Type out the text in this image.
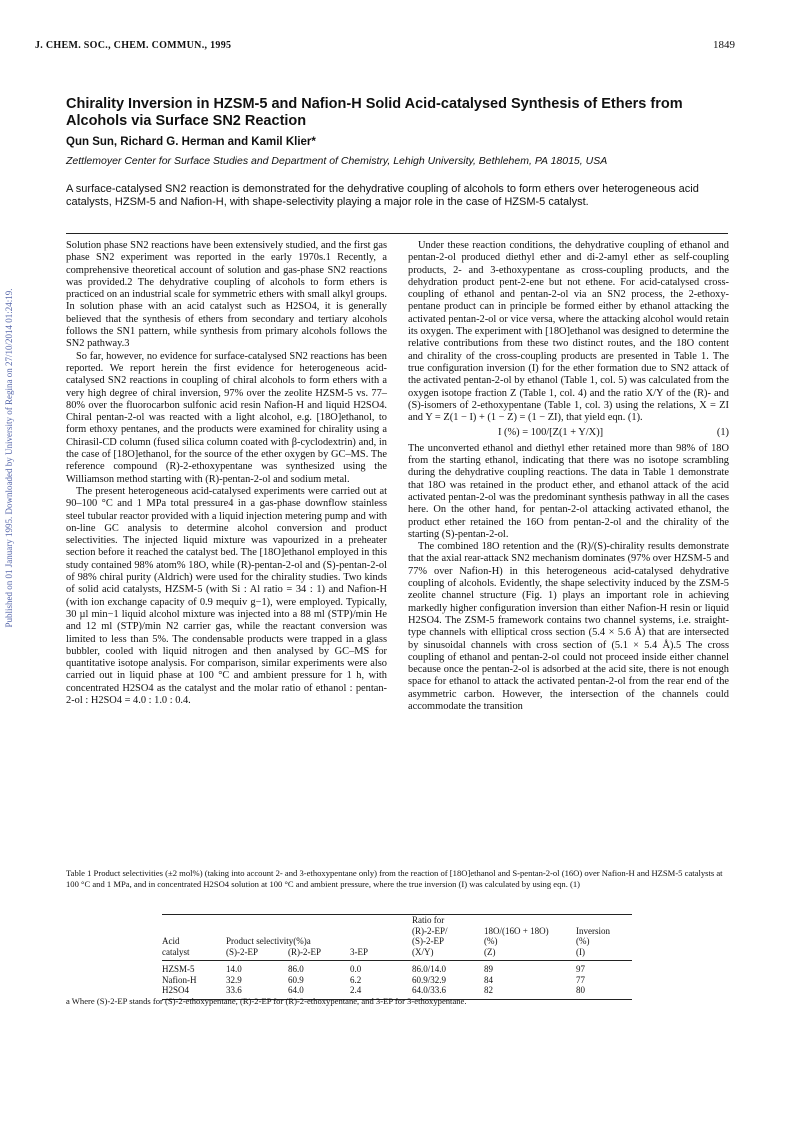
Published on 01 January 1995. Downloaded by University of Regina on 27/10/2014 01:24:19.
J. CHEM. SOC., CHEM. COMMUN., 1995	1849
Chirality Inversion in HZSM-5 and Nafion-H Solid Acid-catalysed Synthesis of Ethers from Alcohols via Surface SN2 Reaction
Qun Sun, Richard G. Herman and Kamil Klier*
Zettlemoyer Center for Surface Studies and Department of Chemistry, Lehigh University, Bethlehem, PA 18015, USA
A surface-catalysed SN2 reaction is demonstrated for the dehydrative coupling of alcohols to form ethers over heterogeneous acid catalysts, HZSM-5 and Nafion-H, with shape-selectivity playing a major role in the case of HZSM-5 catalyst.

Solution phase SN2 reactions have been extensively studied, and the first gas phase SN2 experiment was reported in the early 1970s.1 Recently, a comprehensive theoretical account of solution and gas-phase SN2 reactions was provided.2 The dehydrative coupling of alcohols to form ethers is practiced on an industrial scale for symmetric ethers with small alkyl groups. In solution phase with an acid catalyst such as H2SO4, it is generally believed that the synthesis of ethers from secondary and tertiary alcohols follows the SN1 pattern, while synthesis from primary alcohols follows the SN2 pathway.3

So far, however, no evidence for surface-catalysed SN2 reactions has been reported. We report herein the first evidence for heterogeneous acid-catalysed SN2 reactions in coupling of chiral alcohols to form ethers with a very high degree of chiral inversion, 97% over the zeolite HZSM-5 vs. 77–80% over the fluorocarbon sulfonic acid resin Nafion-H and liquid H2SO4. Chiral pentan-2-ol was reacted with a light alcohol, e.g. [18O]ethanol, to form ethoxy pentanes, and the products were examined for chirality using a Chirasil-CD column (fused silica column coated with β-cyclodextrin) and, in the case of [18O]ethanol, for the source of the ether oxygen by GC–MS. The reference compound (R)-2-ethoxypentane was synthesized using the Williamson method starting with (R)-pentan-2-ol and sodium metal.

The present heterogeneous acid-catalysed experiments were carried out at 90–100 °C and 1 MPa total pressure4 in a gas-phase downflow stainless steel tubular reactor provided with a liquid injection metering pump and with on-line GC analysis to determine alcohol conversion and product selectivities. The injected liquid mixture was vapourized in a preheater section before it reached the catalyst bed. The [18O]ethanol employed in this study contained 98% atom% 18O, while (R)-pentan-2-ol and (S)-pentan-2-ol of 98% chiral purity (Aldrich) were used for the chirality studies. Two kinds of solid acid catalysts, HZSM-5 (with Si : Al ratio = 34 : 1) and Nafion-H (with ion exchange capacity of 0.9 mequiv g−1), were employed. Typically, 30 µl min−1 liquid alcohol mixture was injected into a 88 ml (STP)/min He and 12 ml (STP)/min N2 carrier gas, while the reactant conversion was limited to less than 5%. The condensable products were trapped in a glass bubbler, cooled with liquid nitrogen and then analysed by GC–MS for quantitative isotope analysis. For comparison, similar experiments were also carried out in liquid phase at 100 °C and ambient pressure for 1 h, with concentrated H2SO4 as the catalyst and the molar ratio of ethanol : pentan-2-ol : H2SO4 = 4.0 : 1.0 : 0.4.

Under these reaction conditions, the dehydrative coupling of ethanol and pentan-2-ol produced diethyl ether and di-2-amyl ether as self-coupling products, 2- and 3-ethoxypentane as cross-coupling products, and the dehydration product pent-2-ene but not ethene. For acid-catalysed cross-coupling of ethanol and pentan-2-ol via an SN2 process, the 2-ethoxy-pentane product can in principle be formed either by ethanol attacking the activated pentan-2-ol or vice versa, where the attacking alcohol would retain its oxygen. The experiment with [18O]ethanol was designed to determine the relative contributions from these two distinct routes, and the 18O content and chirality of the cross-coupling products are presented in Table 1. The true configuration inversion (I) for the ether formation due to SN2 attack of the activated pentan-2-ol by ethanol (Table 1, col. 5) was calculated from the oxygen isotope fraction Z (Table 1, col. 4) and the ratio X/Y of the (R)- and (S)-isomers of 2-ethoxypentane (Table 1, col. 3) using the relations, X = ZI and Y = Z(1 − I) + (1 − Z) = (1 − ZI), that yield eqn. (1).

I (%) = 100/[Z(1 + Y/X)]	(1)

The unconverted ethanol and diethyl ether retained more than 98% of 18O from the starting ethanol, indicating that there was no isotope scrambling during the dehydrative coupling reactions. The data in Table 1 demonstrate that 18O was retained in the product ether, and ethanol attack of the acid activated pentan-2-ol was the predominant synthesis pathway in all the cases here. On the other hand, for pentan-2-ol attacking activated ethanol, the product ether retained the 16O from pentan-2-ol and the chirality of the starting (S)-pentan-2-ol.

The combined 18O retention and the (R)/(S)-chirality results demonstrate that the axial rear-attack SN2 mechanism dominates (97% over HZSM-5 and 77% over Nafion-H) in this heterogeneous acid-catalysed dehydrative coupling of alcohols. Evidently, the shape selectivity induced by the ZSM-5 zeolite channel structure (Fig. 1) plays an important role in achieving markedly higher configuration inversion than either Nafion-H resin or liquid H2SO4. The ZSM-5 framework contains two channel systems, i.e. straight-type channels with elliptical cross section (5.4 × 5.6 Å) that are intersected by sinusoidal channels with cross section of (5.1 × 5.4 Å).5 The cross coupling of ethanol and pentan-2-ol could not proceed inside either channel because once the pentan-2-ol is adsorbed at the acid site, there is not enough space for ethanol to attack the activated pentan-2-ol from the rear end of the asymmetric carbon. However, the intersection of the channels could accommodate the transition

Table 1 Product selectivities (±2 mol%) (taking into account 2- and 3-ethoxypentane only) from the reaction of [18O]ethanol and S-pentan-2-ol (16O) over Nafion-H and HZSM-5 catalysts at 100 °C and 1 MPa, and in concentrated H2SO4 solution at 100 °C and ambient pressure, where the true inversion (I) was calculated by using eqn. (1)

				Ratio for		
				(R)-2-EP/	18O/(16O + 18O)	Inversion
Acid	Product selectivity(%)a			(S)-2-EP	(%)	(%)
catalyst	(S)-2-EP	(R)-2-EP	3-EP	(X/Y)	(Z)	(I)

HZSM-5	14.0	86.0	0.0	86.0/14.0	89	97
Nafion-H	32.9	60.9	6.2	60.9/32.9	84	77
H2SO4	33.6	64.0	2.4	64.0/33.6	82	80

a Where (S)-2-EP stands for (S)-2-ethoxypentane, (R)-2-EP for (R)-2-ethoxypentane, and 3-EP for 3-ethoxypentane.
